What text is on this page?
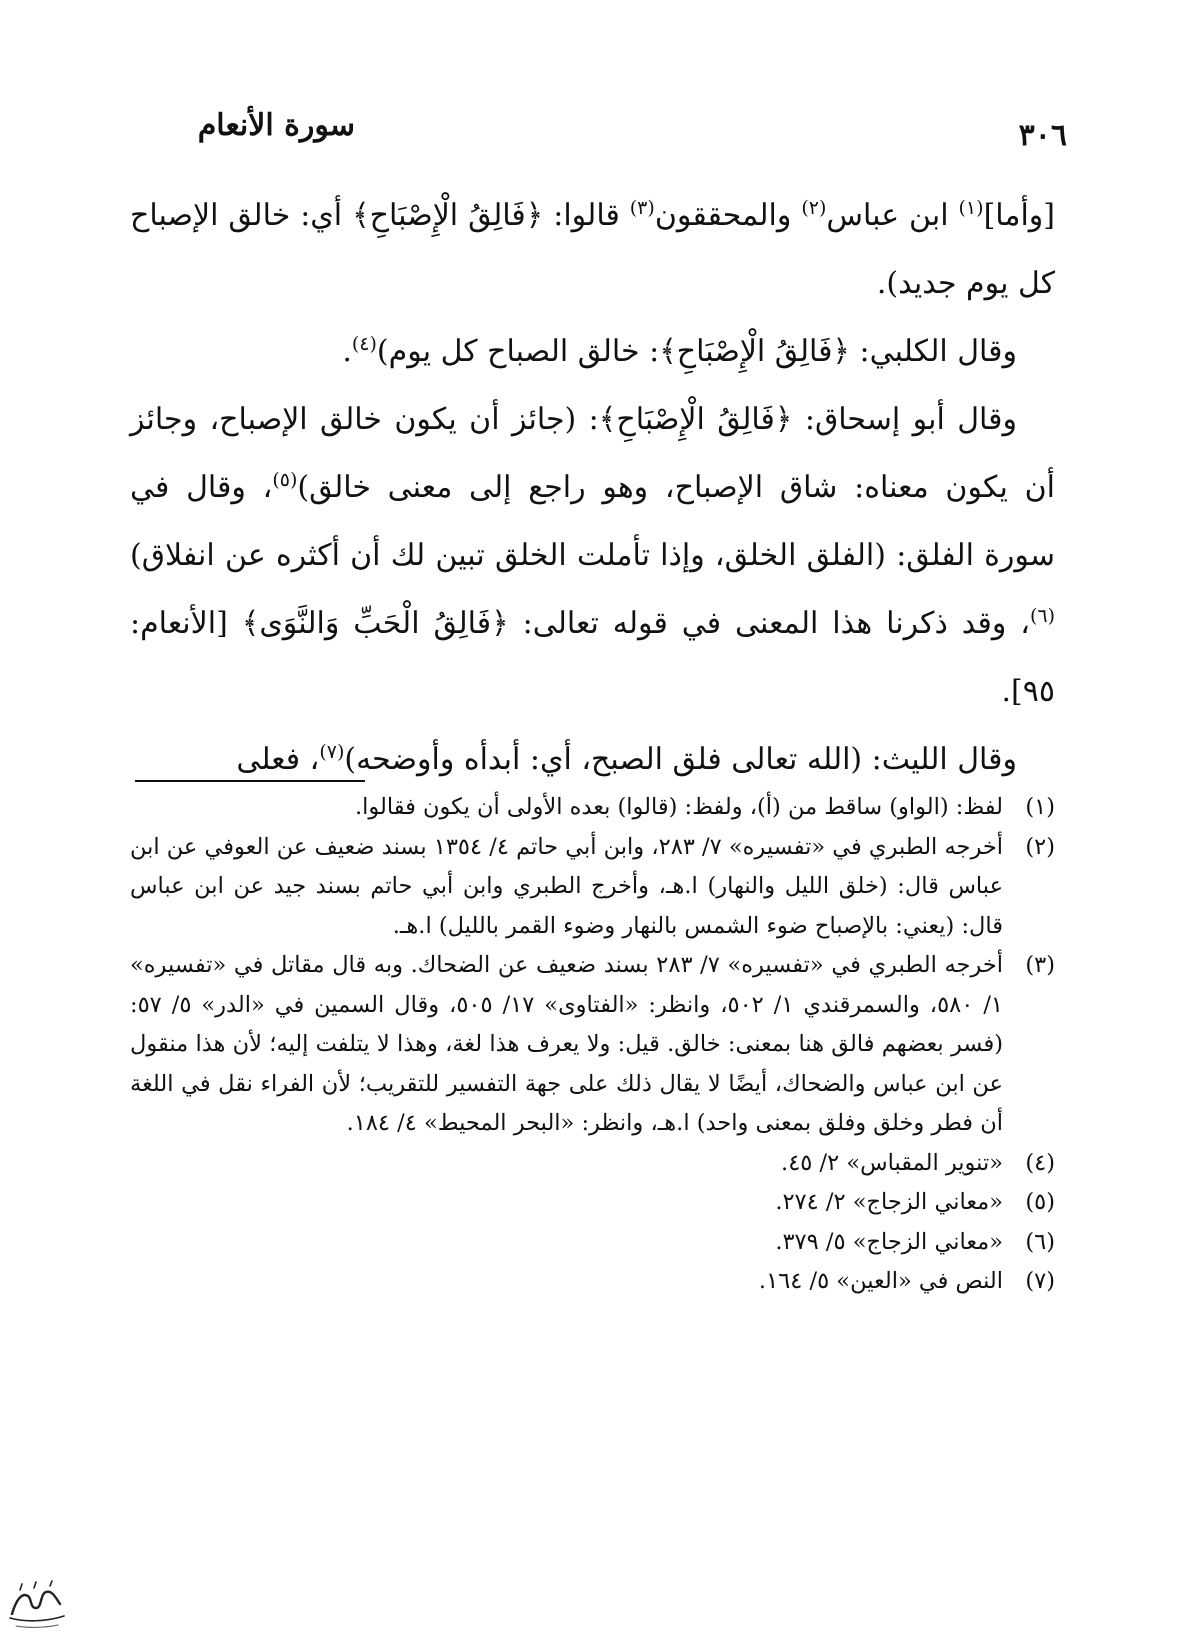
سورة الأنعام	٣٠٦

[وأما]$^{(١)}$ ابن عباس$^{(٢)}$ والمحققون$^{(٣)}$ قالوا: ﴿فَالِقُ الْإِصْبَاحِ﴾ أي: خالق الإصباح كل يوم جديد).

وقال الكلبي: ﴿فَالِقُ الْإِصْبَاحِ﴾: خالق الصباح كل يوم)$^{(٤)}$.

وقال أبو إسحاق: ﴿فَالِقُ الْإِصْبَاحِ﴾: (جائز أن يكون خالق الإصباح، وجائز أن يكون معناه: شاق الإصباح، وهو راجع إلى معنى خالق)$^{(٥)}$، وقال في سورة الفلق: (الفلق الخلق، وإذا تأملت الخلق تبين لك أن أكثره عن انفلاق)$^{(٦)}$، وقد ذكرنا هذا المعنى في قوله تعالى: ﴿فَالِقُ الْحَبِّ وَالنَّوَى﴾ [الأنعام: ٩٥].

وقال الليث: (الله تعالى فلق الصبح، أي: أبدأه وأوضحه)$^{(٧)}$، فعلى

(١)
لفظ: (الواو) ساقط من (أ)، ولفظ: (قالوا) بعده الأولى أن يكون فقالوا.
(٢)
أخرجه الطبري في «تفسيره» ٧/ ٢٨٣، وابن أبي حاتم ٤/ ١٣٥٤ بسند ضعيف عن العوفي عن ابن عباس قال: (خلق الليل والنهار) ا.هـ، وأخرج الطبري وابن أبي حاتم بسند جيد عن ابن عباس قال: (يعني: بالإصباح ضوء الشمس بالنهار وضوء القمر بالليل) ا.هـ.
(٣)
أخرجه الطبري في «تفسيره» ٧/ ٢٨٣ بسند ضعيف عن الضحاك. وبه قال مقاتل في «تفسيره» ١/ ٥٨٠، والسمرقندي ١/ ٥٠٢، وانظر: «الفتاوى» ١٧/ ٥٠٥، وقال السمين في «الدر» ٥/ ٥٧: (فسر بعضهم فالق هنا بمعنى: خالق. قيل: ولا يعرف هذا لغة، وهذا لا يتلفت إليه؛ لأن هذا منقول عن ابن عباس والضحاك، أيضًا لا يقال ذلك على جهة التفسير للتقريب؛ لأن الفراء نقل في اللغة أن فطر وخلق وفلق بمعنى واحد) ا.هـ، وانظر: «البحر المحيط» ٤/ ١٨٤.
(٤)
«تنوير المقباس» ٢/ ٤٥.
(٥)
«معاني الزجاج» ٢/ ٢٧٤.
(٦)
«معاني الزجاج» ٥/ ٣٧٩.
(٧)
النص في «العين» ٥/ ١٦٤.
